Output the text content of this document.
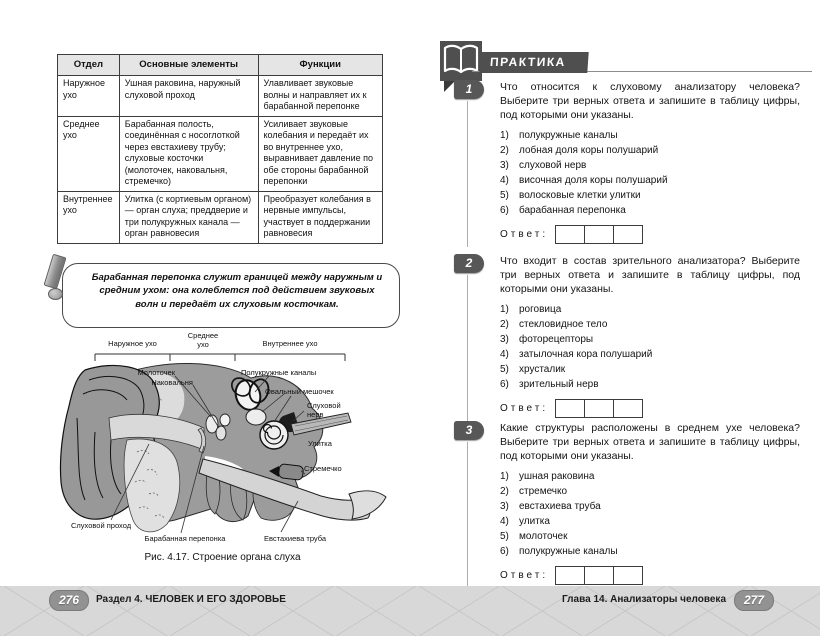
Отдел	Основные элементы	Функции
Наружное ухо	Ушная раковина, наружный слуховой проход	Улавливает звуковые волны и направляет их к барабанной перепонке
Среднее ухо	Барабанная полость, соединённая с носоглоткой через евстахиеву трубу; слуховые косточки (молоточек, наковальня, стремечко)	Усиливает звуковые колебания и передаёт их во внутреннее ухо, выравнивает давление по обе стороны барабанной перепонки
Внутреннее ухо	Улитка (с кортиевым органом) — орган слуха; преддверие и три полукружных канала — орган равновесия	Преобразует колебания в нервные импульсы, участвует в поддержании равновесия
Барабанная перепонка служит границей между наружным и средним ухом: она колеблется под действием звуковых волн и передаёт их слуховым косточкам.
Наружное ухо
Среднее ухо	Внутреннее ухо
Молоточек
Наковальня
Полукружные каналы
Овальный мешочек
Слуховой нерв
Улитка
Стремечко
Слуховой проход
Барабанная перепонка	Евстахиева труба
Рис. 4.17. Строение органа слуха
ПРАКТИКА
1	Что относится к слуховому анализатору человека? Выберите три верных ответа и запишите в таблицу цифры, под которыми они указаны.
1)	полукружные каналы
2)	лобная доля коры полушарий
3)	слуховой нерв
4)	височная доля коры полушарий
5)	волосковые клетки улитки
6)	барабанная перепонка
Ответ:
2	Что входит в состав зрительного анализатора? Выберите три верных ответа и запишите в таблицу цифры, под которыми они указаны.
1)	роговица
2)	стекловидное тело
3)	фоторецепторы
4)	затылочная кора полушарий
5)	хрусталик
6)	зрительный нерв
Ответ:
3	Какие структуры расположены в среднем ухе человека? Выберите три верных ответа и запишите в таблицу цифры, под которыми они указаны.
1)	ушная раковина
2)	стремечко
3)	евстахиева труба
4)	улитка
5)	молоточек
6)	полукружные каналы
Ответ:
276	Раздел 4. ЧЕЛОВЕК И ЕГО ЗДОРОВЬЕ	Глава 14. Анализаторы человека	277
